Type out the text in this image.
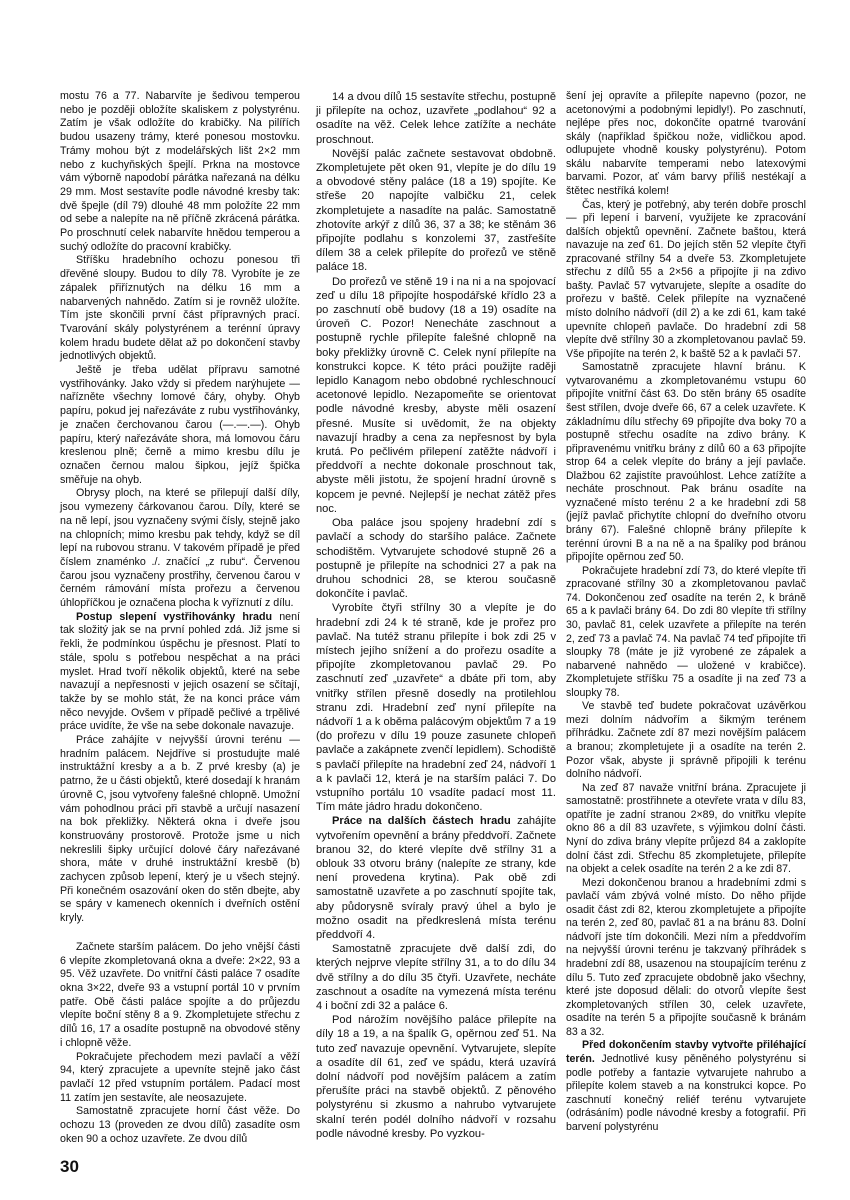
mostu 76 a 77. Nabarvíte je šedivou temperou nebo je později obložíte skaliskem z polystyrénu. Zatím je však odložíte do krabičky. Na pilířích budou usazeny trámy, které ponesou mostovku. Trámy mohou být z modelářských lišt 2×2 mm nebo z kuchyňských špejlí. Prkna na mostovce vám výborně napodobí párátka nařezaná na délku 29 mm. Most sestavíte podle návodné kresby tak: dvě špejle (díl 79) dlouhé 48 mm položíte 22 mm od sebe a nalepíte na ně příčně zkrácená párátka. Po proschnutí celek nabarvíte hnědou temperou a suchý odložíte do pracovní krabičky.

Stříšku hradebního ochozu ponesou tři dřevěné sloupy. Budou to díly 78. Vyrobíte je ze zápalek přiříznutých na délku 16 mm a nabarvených nahnědo. Zatím si je rovněž uložíte. Tím jste skončili první část přípravných prací. Tvarování skály polystyrénem a terénní úpravy kolem hradu budete dělat až po dokončení stavby jednotlivých objektů.

Ještě je třeba udělat přípravu samotné vystřihovánky. Jako vždy si předem narýhujete — nařízněte všechny lomové čáry, ohyby. Ohyb papíru, pokud jej nařezáváte z rubu vystřihovánky, je značen čerchovanou čarou (—.—.—). Ohyb papíru, který nařezáváte shora, má lomovou čáru kreslenou plně; černě a mimo kresbu dílu je označen černou malou šipkou, jejíž špička směřuje na ohyb.

Obrysy ploch, na které se přilepují další díly, jsou vymezeny čárkovanou čarou. Díly, které se na ně lepí, jsou vyznačeny svými čísly, stejně jako na chlopních; mimo kresbu pak tehdy, když se díl lepí na rubovou stranu. V takovém případě je před číslem znaménko ./. značící „z rubu“. Červenou čarou jsou vyznačeny prostřihy, červenou čarou v černém rámování místa prořezu a červenou úhlopříčkou je označena plocha k vyříznutí z dílu.

Postup slepení vystřihovánky hradu není tak složitý jak se na první pohled zdá. Již jsme si řekli, že podmínkou úspěchu je přesnost. Platí to stále, spolu s potřebou nespěchat a na práci myslet. Hrad tvoří několik objektů, které na sebe navazují a nepřesnosti v jejich osazení se sčítají, takže by se mohlo stát, že na konci práce vám něco nevyjde. Ovšem v případě pečlivé a trpělivé práce uvidíte, že vše na sebe dokonale navazuje.

Práce zahájíte v nejvyšší úrovni terénu — hradním palácem. Nejdříve si prostudujte malé instruktážní kresby a a b. Z prvé kresby (a) je patrno, že u části objektů, které dosedají k hranám úrovně C, jsou vytvořeny falešné chlopně. Umožní vám pohodlnou práci při stavbě a určují nasazení na bok překližky. Některá okna i dveře jsou konstruovány prostorově. Protože jsme u nich nekreslili šipky určující dolové čáry nařezávané shora, máte v druhé instruktážní kresbě (b) zachycen způsob lepení, který je u všech stejný. Při konečném osazování oken do stěn dbejte, aby se spáry v kamenech okenních i dveřních ostění kryly.

Začnete starším palácem. Do jeho vnější části 6 vlepíte zkompletovaná okna a dveře: 2×22, 93 a 95. Věž uzavřete. Do vnitřní části paláce 7 osadíte okna 3×22, dveře 93 a vstupní portál 10 v prvním patře. Obě části paláce spojíte a do průjezdu vlepíte boční stěny 8 a 9. Zkompletujete střechu z dílů 16, 17 a osadíte postupně na obvodové stěny i chlopně věže.

Pokračujete přechodem mezi pavlačí a věží 94, který zpracujete a upevníte stejně jako část pavlačí 12 před vstupním portálem. Padací most 11 zatím jen sestavíte, ale neosazujete.

Samostatně zpracujete horní část věže. Do ochozu 13 (proveden ze dvou dílů) zasadíte osm oken 90 a ochoz uzavřete. Ze dvou dílů

14 a dvou dílů 15 sestavíte střechu, postupně ji přilepíte na ochoz, uzavřete „podlahou“ 92 a osadíte na věž. Celek lehce zatížíte a necháte proschnout.

Novější palác začnete sestavovat obdobně. Zkompletujete pět oken 91, vlepíte je do dílu 19 a obvodové stěny paláce (18 a 19) spojíte. Ke střeše 20 napojíte valbičku 21, celek zkompletujete a nasadíte na palác. Samostatně zhotovíte arkýř z dílů 36, 37 a 38; ke stěnám 36 připojíte podlahu s konzolemi 37, zastřešíte dílem 38 a celek přilepíte do prořezů ve stěně paláce 18.

Do prořezů ve stěně 19 i na ni a na spojovací zeď u dílu 18 připojíte hospodářské křídlo 23 a po zaschnutí obě budovy (18 a 19) osadíte na úroveň C. Pozor! Nenecháte zaschnout a postupně rychle přilepíte falešné chlopně na boky překližky úrovně C. Celek nyní přilepíte na konstrukci kopce. K této práci použijte raději lepidlo Kanagom nebo obdobné rychleschnoucí acetonové lepidlo. Nezapomeňte se orientovat podle návodné kresby, abyste měli osazení přesné. Musíte si uvědomit, že na objekty navazují hradby a cena za nepřesnost by byla krutá. Po pečlivém přilepení zatěžte nádvoří i předdvoří a nechte dokonale proschnout tak, abyste měli jistotu, že spojení hradní úrovně s kopcem je pevné. Nejlepší je nechat zátěž přes noc.

Oba paláce jsou spojeny hradební zdí s pavlačí a schody do staršího paláce. Začnete schodištěm. Vytvarujete schodové stupně 26 a postupně je přilepíte na schodnici 27 a pak na druhou schodnici 28, se kterou současně dokončíte i pavlač.

Vyrobíte čtyři střílny 30 a vlepíte je do hradební zdi 24 k té straně, kde je prořez pro pavlač. Na tutéž stranu přilepíte i bok zdi 25 v místech jejího snížení a do prořezu osadíte a připojíte zkompletovanou pavlač 29. Po zaschnutí zeď „uzavřete“ a dbáte při tom, aby vnitřky střílen přesně dosedly na protilehlou stranu zdi. Hradební zeď nyní přilepíte na nádvoří 1 a k oběma palácovým objektům 7 a 19 (do prořezu v dílu 19 pouze zasunete chlopeň pavlače a zakápnete zvenčí lepidlem). Schodiště s pavlačí přilepíte na hradební zeď 24, nádvoří 1 a k pavlači 12, která je na starším paláci 7. Do vstupního portálu 10 vsadíte padací most 11. Tím máte jádro hradu dokončeno.

Práce na dalších částech hradu zahájíte vytvořením opevnění a brány předdvoří. Začnete branou 32, do které vlepíte dvě střílny 31 a oblouk 33 otvoru brány (nalepíte ze strany, kde není provedena krytina). Pak obě zdi samostatně uzavřete a po zaschnutí spojíte tak, aby půdorysně svíraly pravý úhel a bylo je možno osadit na předkreslená místa terénu předdvoří 4.

Samostatně zpracujete dvě další zdi, do kterých nejprve vlepíte střílny 31, a to do dílu 34 dvě střílny a do dílu 35 čtyři. Uzavřete, necháte zaschnout a osadíte na vymezená místa terénu 4 i boční zdi 32 a paláce 6.

Pod nárožím novějšího paláce přilepíte na díly 18 a 19, a na špalík G, opěrnou zeď 51. Na tuto zeď navazuje opevnění. Vytvarujete, slepíte a osadíte díl 61, zeď ve spádu, která uzavírá dolní nádvoří pod novějším palácem a zatím přerušíte práci na stavbě objektů. Z pěnového polystyrénu si zkusmo a nahrubo vytvarujete skalní terén podél dolního nádvoří v rozsahu podle návodné kresby. Po vyzkou-

šení jej opravíte a přilepíte napevno (pozor, ne acetonovými a podobnými lepidly!). Po zaschnutí, nejlépe přes noc, dokončíte opatrné tvarování skály (například špičkou nože, vidličkou apod. odlupujete vhodně kousky polystyrénu). Potom skálu nabarvíte temperami nebo latexovými barvami. Pozor, ať vám barvy příliš nestékají a štětec nestříká kolem!

Čas, který je potřebný, aby terén dobře proschl — při lepení i barvení, využijete ke zpracování dalších objektů opevnění. Začnete baštou, která navazuje na zeď 61. Do jejích stěn 52 vlepíte čtyři zpracované střílny 54 a dveře 53. Zkompletujete střechu z dílů 55 a 2×56 a připojíte ji na zdivo bašty. Pavlač 57 vytvarujete, slepíte a osadíte do prořezu v baště. Celek přilepíte na vyznačené místo dolního nádvoří (díl 2) a ke zdi 61, kam také upevníte chlopeň pavlače. Do hradební zdi 58 vlepíte dvě střílny 30 a zkompletovanou pavlač 59. Vše připojíte na terén 2, k baště 52 a k pavlači 57.

Samostatně zpracujete hlavní bránu. K vytvarovanému a zkompletovanému vstupu 60 připojíte vnitřní část 63. Do stěn brány 65 osadíte šest střílen, dvoje dveře 66, 67 a celek uzavřete. K základnímu dílu střechy 69 připojíte dva boky 70 a postupně střechu osadíte na zdivo brány. K připravenému vnitřku brány z dílů 60 a 63 připojíte strop 64 a celek vlepíte do brány a její pavlače. Dlažbou 62 zajistíte pravoúhlost. Lehce zatížíte a necháte proschnout. Pak bránu osadíte na vyznačené místo terénu 2 a ke hradební zdi 58 (jejíž pavlač přichytíte chlopní do dveřního otvoru brány 67). Falešné chlopně brány přilepíte k terénní úrovni B a na ně a na špalíky pod bránou připojíte opěrnou zeď 50.

Pokračujete hradební zdí 73, do které vlepíte tři zpracované střílny 30 a zkompletovanou pavlač 74. Dokončenou zeď osadíte na terén 2, k bráně 65 a k pavlači brány 64. Do zdi 80 vlepíte tři střílny 30, pavlač 81, celek uzavřete a přilepíte na terén 2, zeď 73 a pavlač 74. Na pavlač 74 teď připojíte tři sloupky 78 (máte je již vyrobené ze zápalek a nabarvené nahnědo — uložené v krabičce). Zkompletujete stříšku 75 a osadíte ji na zeď 73 a sloupky 78.

Ve stavbě teď budete pokračovat uzávěrkou mezi dolním nádvořím a šikmým terénem příhrádku. Začnete zdí 87 mezi novějším palácem a branou; zkompletujete ji a osadíte na terén 2. Pozor však, abyste ji správně připojili k terénu dolního nádvoří.

Na zeď 87 navaže vnitřní brána. Zpracujete ji samostatně: prostřihnete a otevřete vrata v dílu 83, opatříte je zadní stranou 2×89, do vnitřku vlepíte okno 86 a díl 83 uzavřete, s výjimkou dolní části. Nyní do zdiva brány vlepíte průjezd 84 a zaklopíte dolní část zdi. Střechu 85 zkompletujete, přilepíte na objekt a celek osadíte na terén 2 a ke zdi 87.

Mezi dokončenou branou a hradebními zdmi s pavlačí vám zbývá volné místo. Do něho přijde osadit část zdi 82, kterou zkompletujete a připojíte na terén 2, zeď 80, pavlač 81 a na bránu 83. Dolní nádvoří jste tím dokončili. Mezi ním a předdvořím na nejvyšší úrovni terénu je takzvaný příhrádek s hradební zdí 88, usazenou na stoupajícím terénu z dílu 5. Tuto zeď zpracujete obdobně jako všechny, které jste doposud dělali: do otvorů vlepíte šest zkompletovaných střílen 30, celek uzavřete, osadíte na terén 5 a připojíte současně k bránám 83 a 32.

Před dokončením stavby vytvořte přiléhající terén. Jednotlivé kusy pěněného polystyrénu si podle potřeby a fantazie vytvarujete nahrubo a přilepíte kolem staveb a na konstrukci kopce. Po zaschnutí konečný reliéf terénu vytvarujete (odrásáním) podle návodné kresby a fotografií. Při barvení polystyrénu

30
